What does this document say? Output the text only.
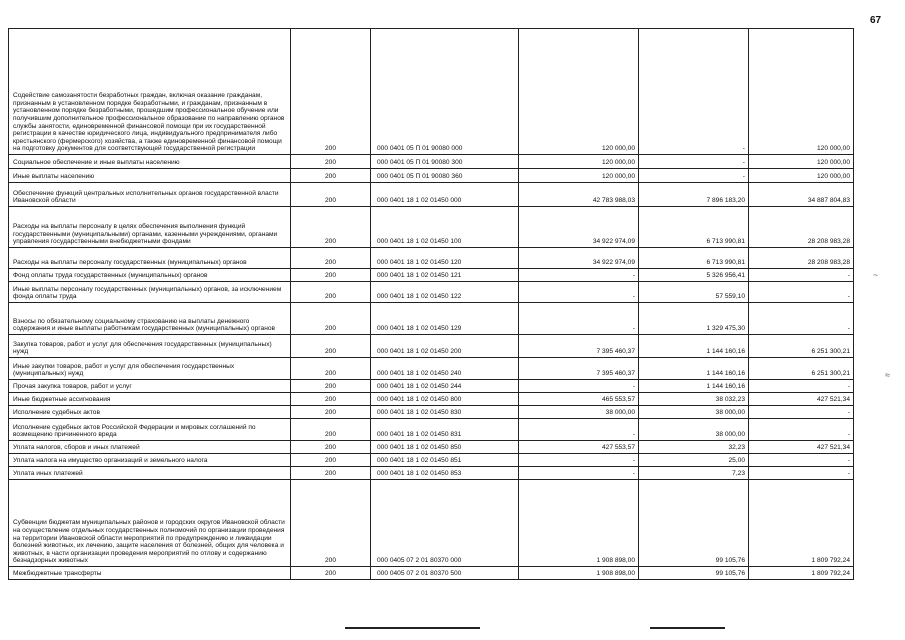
67
Содействие самозанятости безработных граждан, включая оказание гражданам, признанным в установленном порядке безработными, и гражданам, признанным в установленном порядке безработными, прошедшим профессиональное обучение или получившим дополнительное профессиональное образование по направлению органов службы занятости, единовременной финансовой помощи при их государственной регистрации в качестве юридического лица, индивидуального предпринимателя либо крестьянского (фермерского) хозяйства, а также единовременной финансовой помощи на подготовку документов для соответствующей государственной регистрации	200	000 0401 05 П 01 90080 000	120 000,00	-	120 000,00
Социальное обеспечение и иные выплаты населению	200	000 0401 05 П 01 90080 300	120 000,00	-	120 000,00
Иные выплаты населению	200	000 0401 05 П 01 90080 360	120 000,00	-	120 000,00
Обеспечение функций центральных исполнительных органов государственной власти Ивановской области	200	000 0401 18 1 02 01450 000	42 783 988,03	7 896 183,20	34 887 804,83
Расходы на выплаты персоналу в целях обеспечения выполнения функций государственными (муниципальными) органами, казенными учреждениями, органами управления государственными внебюджетными фондами	200	000 0401 18 1 02 01450 100	34 922 974,09	6 713 990,81	28 208 983,28
Расходы на выплаты персоналу государственных (муниципальных) органов	200	000 0401 18 1 02 01450 120	34 922 974,09	6 713 990,81	28 208 983,28
Фонд оплаты труда государственных (муниципальных) органов	200	000 0401 18 1 02 01450 121	-	5 326 956,41	-
Иные выплаты персоналу государственных (муниципальных) органов, за исключением фонда оплаты труда	200	000 0401 18 1 02 01450 122	-	57 559,10	-
Взносы по обязательному социальному страхованию на выплаты денежного содержания и иные выплаты работникам государственных (муниципальных) органов	200	000 0401 18 1 02 01450 129	-	1 329 475,30	-
Закупка товаров, работ и услуг для обеспечения государственных (муниципальных) нужд	200	000 0401 18 1 02 01450 200	7 395 460,37	1 144 160,16	6 251 300,21
Иные закупки товаров, работ и услуг для обеспечения государственных (муниципальных) нужд	200	000 0401 18 1 02 01450 240	7 395 460,37	1 144 160,16	6 251 300,21
Прочая закупка товаров, работ и услуг	200	000 0401 18 1 02 01450 244	-	1 144 160,16	-
Иные бюджетные ассигнования	200	000 0401 18 1 02 01450 800	465 553,57	38 032,23	427 521,34
Исполнение судебных актов	200	000 0401 18 1 02 01450 830	38 000,00	38 000,00	-
Исполнение судебных актов Российской Федерации и мировых соглашений по возмещению причиненного вреда	200	000 0401 18 1 02 01450 831	-	38 000,00	-
Уплата налогов, сборов и иных платежей	200	000 0401 18 1 02 01450 850	427 553,57	32,23	427 521,34
Уплата налога на имущество организаций и земельного налога	200	000 0401 18 1 02 01450 851	-	25,00	-
Уплата иных платежей	200	000 0401 18 1 02 01450 853	-	7,23	-
Субвенции бюджетам муниципальных районов и городских округов Ивановской области на осуществление отдельных государственных полномочий по организации проведения на территории Ивановской области мероприятий по предупреждению и ликвидации болезней животных, их лечению, защите населения от болезней, общих для человека и животных, в части организации проведения мероприятий по отлову и содержанию безнадзорных животных	200	000 0405 07 2 01 80370 000	1 908 898,00	99 105,76	1 809 792,24
Межбюджетные трансферты	200	000 0405 07 2 01 80370 500	1 908 898,00	99 105,76	1 809 792,24
~
≈
